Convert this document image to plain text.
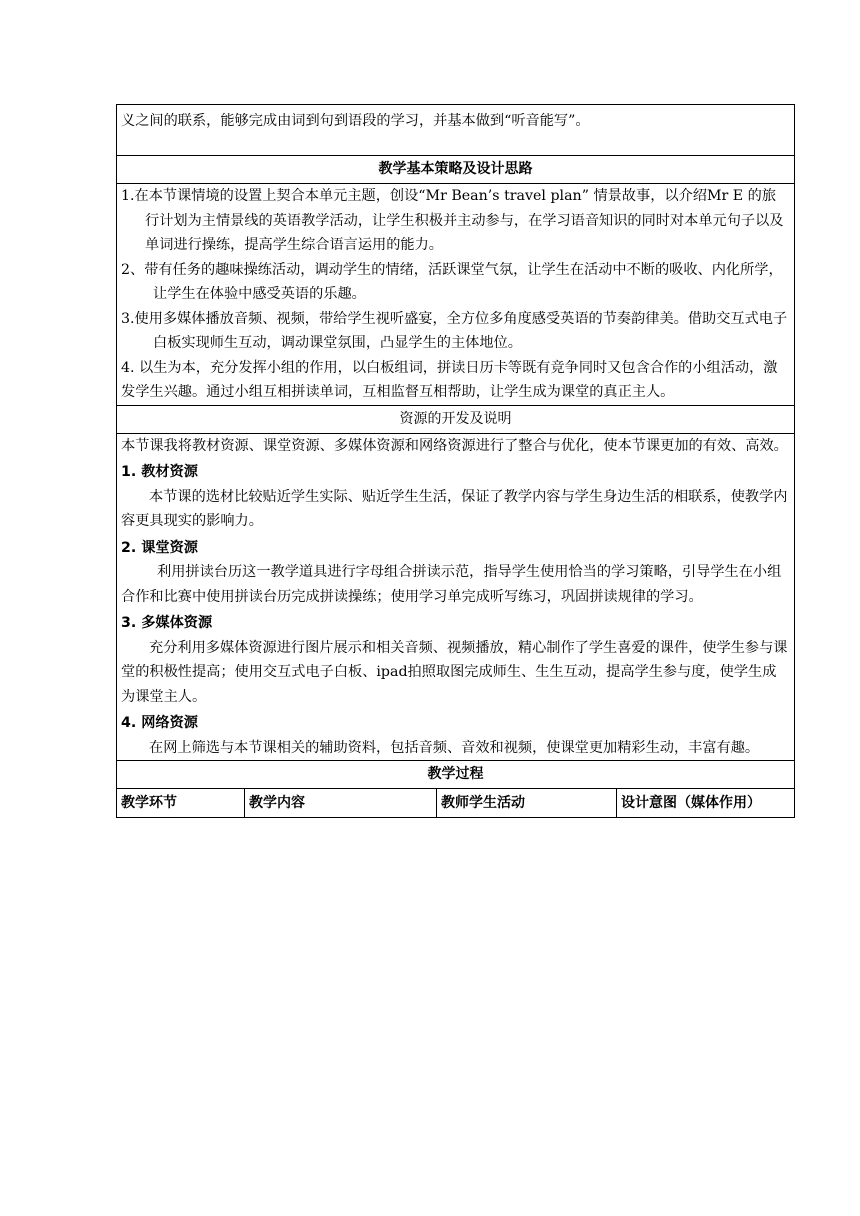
义之间的联系，能够完成由词到句到语段的学习，并基本做到“听音能写”。
教学基本策略及设计思路

1.在本节课情境的设置上契合本单元主题，创设“Mr Bean’s travel plan” 情景故事，以介绍Mr E 的旅行计划为主情景线的英语教学活动，让学生积极并主动参与，在学习语音知识的同时对本单元句子以及单词进行操练，提高学生综合语言运用的能力。

2、带有任务的趣味操练活动，调动学生的情绪，活跃课堂气氛，让学生在活动中不断的吸收、内化所学，让学生在体验中感受英语的乐趣。

3.使用多媒体播放音频、视频，带给学生视听盛宴，全方位多角度感受英语的节奏韵律美。借助交互式电子白板实现师生互动，调动课堂氛围，凸显学生的主体地位。

4. 以生为本，充分发挥小组的作用，以白板组词，拼读日历卡等既有竞争同时又包含合作的小组活动，激发学生兴趣。通过小组互相拼读单词，互相监督互相帮助，让学生成为课堂的真正主人。

资源的开发及说明

本节课我将教材资源、课堂资源、多媒体资源和网络资源进行了整合与优化，使本节课更加的有效、高效。

1. 教材资源

本节课的选材比较贴近学生实际、贴近学生生活，保证了教学内容与学生身边生活的相联系，使教学内容更具现实的影响力。

2. 课堂资源

利用拼读台历这一教学道具进行字母组合拼读示范，指导学生使用恰当的学习策略，引导学生在小组合作和比赛中使用拼读台历完成拼读操练；使用学习单完成听写练习，巩固拼读规律的学习。

3. 多媒体资源

充分利用多媒体资源进行图片展示和相关音频、视频播放，精心制作了学生喜爱的课件，使学生参与课堂的积极性提高；使用交互式电子白板、ipad拍照取图完成师生、生生互动，提高学生参与度，使学生成为课堂主人。

4. 网络资源

在网上筛选与本节课相关的辅助资料，包括音频、音效和视频，使课堂更加精彩生动，丰富有趣。

教学过程
教学环节	教学内容	教师学生活动	设计意图（媒体作用）
